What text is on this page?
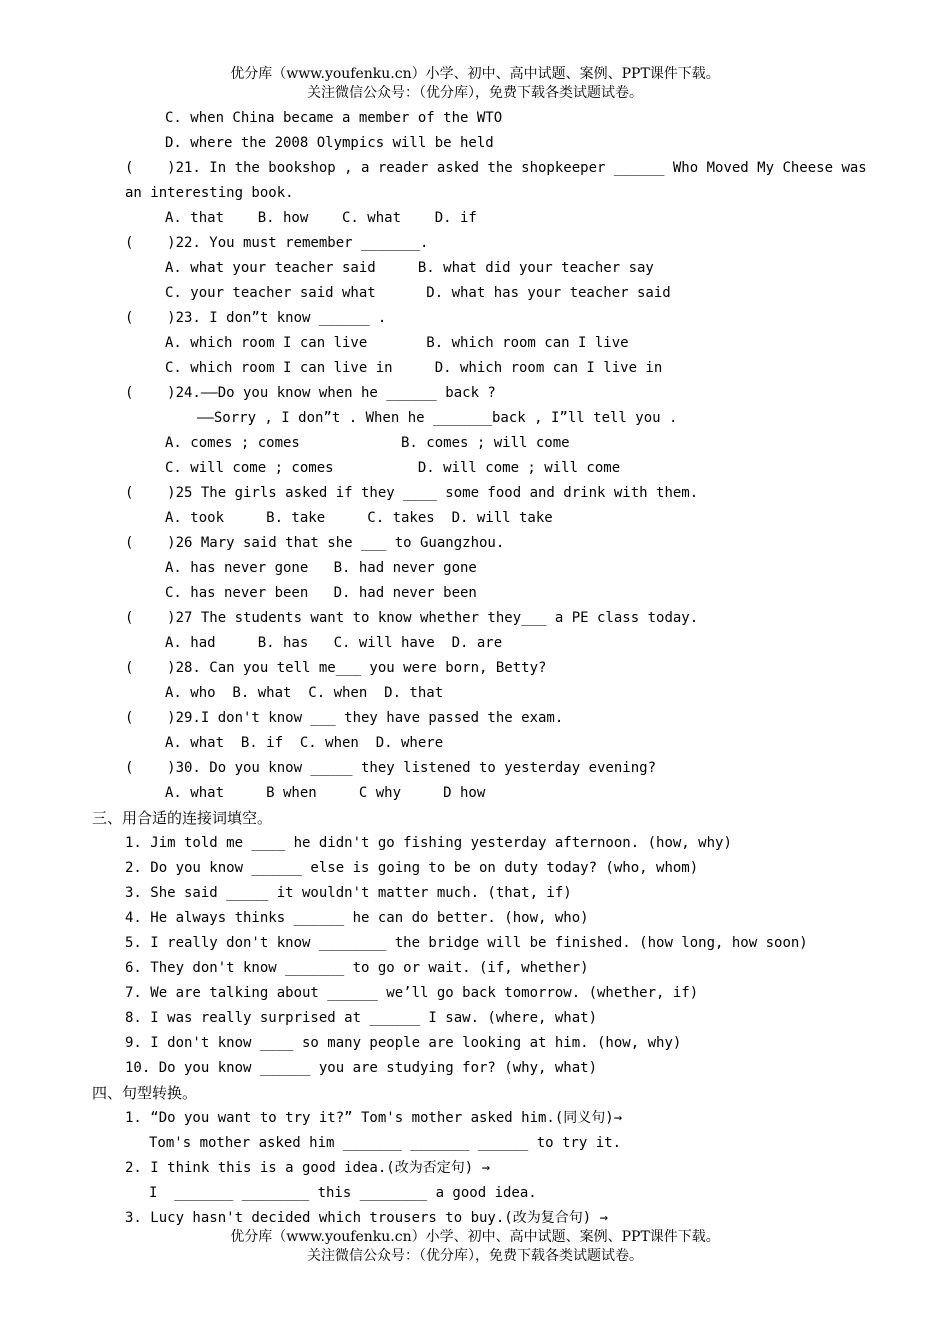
优分库（www.youfenku.cn）小学、初中、高中试题、案例、PPT课件下载。
关注微信公众号：（优分库），免费下载各类试题试卷。
C. when China became a member of the WTO
D. where the 2008 Olympics will be held
(    )21. In the bookshop , a reader asked the shopkeeper ______ Who Moved My Cheese was
an interesting book.
A. that    B. how    C. what    D. if
(    )22. You must remember _______.
A. what your teacher said     B. what did your teacher say
C. your teacher said what      D. what has your teacher said
(    )23. I don”t know ______ .
A. which room I can live       B. which room can I live
C. which room I can live in     D. which room can I live in
(    )24.——Do you know when he ______ back ?
——Sorry , I don”t . When he _______back , I”ll tell you .
A. comes ; comes            B. comes ; will come
C. will come ; comes          D. will come ; will come
(    )25 The girls asked if they ____ some food and drink with them.
A. took     B. take     C. takes  D. will take
(    )26 Mary said that she ___ to Guangzhou.
A. has never gone   B. had never gone
C. has never been   D. had never been
(    )27 The students want to know whether they___ a PE class today.
A. had     B. has   C. will have  D. are
(    )28. Can you tell me___ you were born, Betty?
A. who  B. what  C. when  D. that
(    )29.I don't know ___ they have passed the exam.
A. what  B. if  C. when  D. where
(    )30. Do you know _____ they listened to yesterday evening?
A. what     B when     C why     D how
三、用合适的连接词填空。
1. Jim told me ____ he didn't go fishing yesterday afternoon. (how, why)
2. Do you know ______ else is going to be on duty today? (who, whom)
3. She said _____ it wouldn't matter much. (that, if)
4. He always thinks ______ he can do better. (how, who)
5. I really don't know ________ the bridge will be finished. (how long, how soon)
6. They don't know _______ to go or wait. (if, whether)
7. We are talking about ______ we’ll go back tomorrow. (whether, if)
8. I was really surprised at ______ I saw. (where, what)
9. I don't know ____ so many people are looking at him. (how, why)
10. Do you know ______ you are studying for? (why, what)
四、句型转换。
1. “Do you want to try it?” Tom's mother asked him.(同义句)→
Tom's mother asked him _______ _______ ______ to try it.
2. I think this is a good idea.(改为否定句) →
I  _______ ________ this ________ a good idea.
3. Lucy hasn't decided which trousers to buy.(改为复合句) →
优分库（www.youfenku.cn）小学、初中、高中试题、案例、PPT课件下载。
关注微信公众号：（优分库），免费下载各类试题试卷。
